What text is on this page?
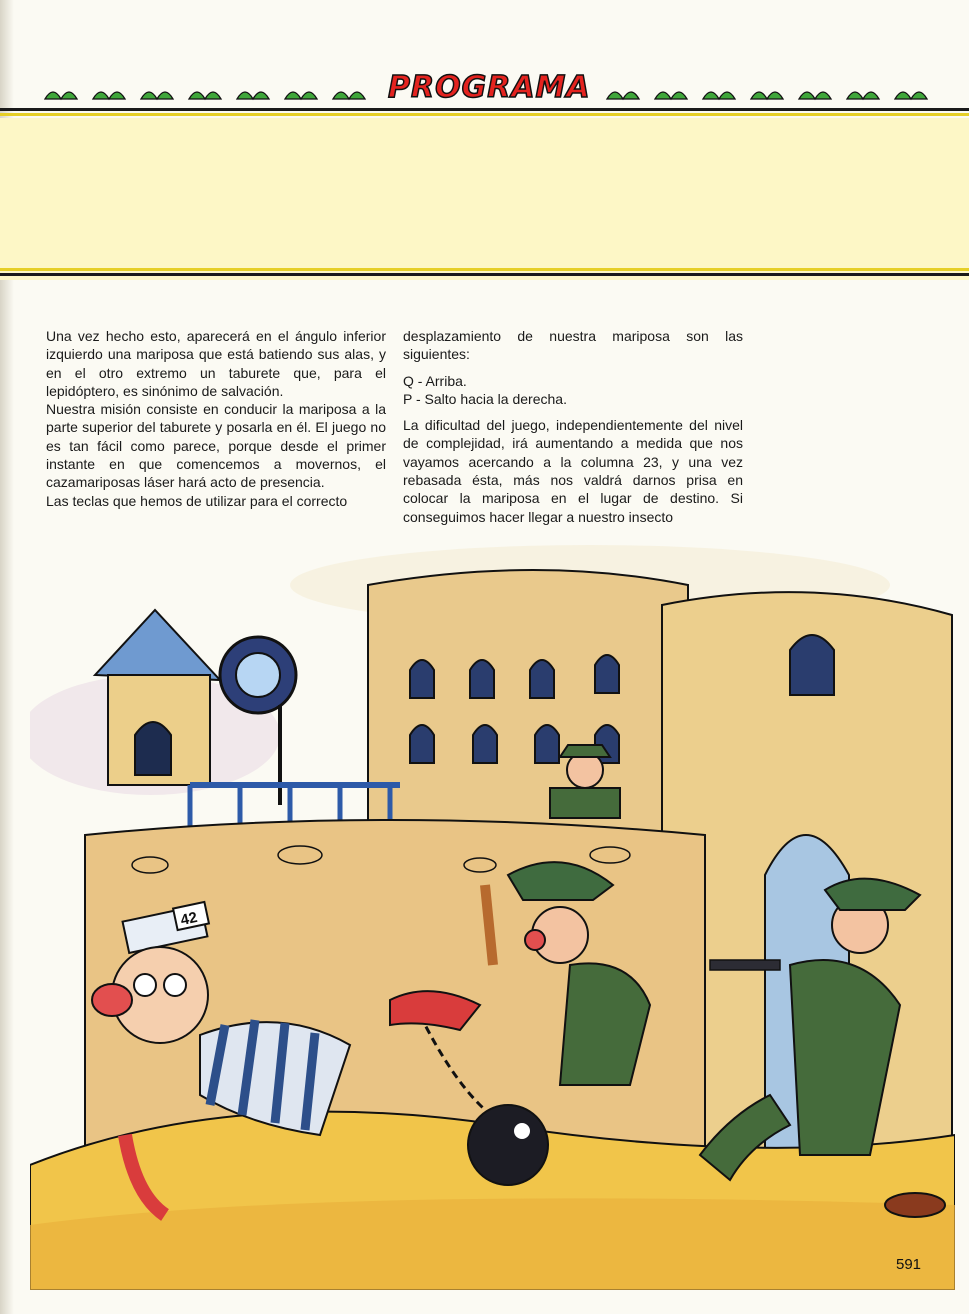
PROGRAMA

Una vez hecho esto, aparecerá en el ángulo inferior izquierdo una mariposa que está batiendo sus alas, y en el otro extremo un taburete que, para el lepidóptero, es sinónimo de salvación.

Nuestra misión consiste en conducir la mariposa a la parte superior del taburete y posarla en él. El juego no es tan fácil como parece, porque desde el primer instante en que comencemos a movernos, el cazamariposas láser hará acto de presencia.

Las teclas que hemos de utilizar para el correcto

desplazamiento de nuestra mariposa son las siguientes:

Q - Arriba.

P - Salto hacia la derecha.

La dificultad del juego, independientemente del nivel de complejidad, irá aumentando a medida que nos vayamos acercando a la columna 23, y una vez rebasada ésta, más nos valdrá darnos prisa en colocar la mariposa en el lugar de destino. Si conseguimos hacer llegar a nuestro insecto

42
591
